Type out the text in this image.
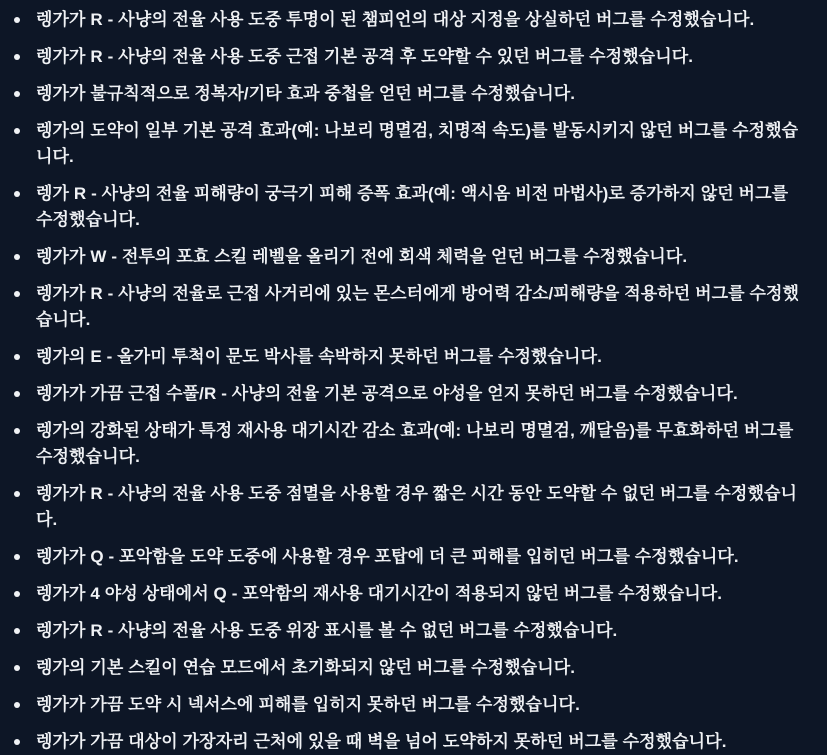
렝가가 R - 사냥의 전율 사용 도중 투명이 된 챔피언의 대상 지정을 상실하던 버그를 수정했습니다.
렝가가 R - 사냥의 전율 사용 도중 근접 기본 공격 후 도약할 수 있던 버그를 수정했습니다.
렝가가 불규칙적으로 정복자/기타 효과 중첩을 얻던 버그를 수정했습니다.
렝가의 도약이 일부 기본 공격 효과(예: 나보리 명멸검, 치명적 속도)를 발동시키지 않던 버그를 수정했습니다.
렝가 R - 사냥의 전율 피해량이 궁극기 피해 증폭 효과(예: 액시옴 비전 마법사)로 증가하지 않던 버그를 수정했습니다.
렝가가 W - 전투의 포효 스킬 레벨을 올리기 전에 회색 체력을 얻던 버그를 수정했습니다.
렝가가 R - 사냥의 전율로 근접 사거리에 있는 몬스터에게 방어력 감소/피해량을 적용하던 버그를 수정했습니다.
렝가의 E - 올가미 투척이 문도 박사를 속박하지 못하던 버그를 수정했습니다.
렝가가 가끔 근접 수풀/R - 사냥의 전율 기본 공격으로 야성을 얻지 못하던 버그를 수정했습니다.
렝가의 강화된 상태가 특정 재사용 대기시간 감소 효과(예: 나보리 명멸검, 깨달음)를 무효화하던 버그를 수정했습니다.
렝가가 R - 사냥의 전율 사용 도중 점멸을 사용할 경우 짧은 시간 동안 도약할 수 없던 버그를 수정했습니다.
렝가가 Q - 포악함을 도약 도중에 사용할 경우 포탑에 더 큰 피해를 입히던 버그를 수정했습니다.
렝가가 4 야성 상태에서 Q - 포악함의 재사용 대기시간이 적용되지 않던 버그를 수정했습니다.
렝가가 R - 사냥의 전율 사용 도중 위장 표시를 볼 수 없던 버그를 수정했습니다.
렝가의 기본 스킬이 연습 모드에서 초기화되지 않던 버그를 수정했습니다.
렝가가 가끔 도약 시 넥서스에 피해를 입히지 못하던 버그를 수정했습니다.
렝가가 가끔 대상이 가장자리 근처에 있을 때 벽을 넘어 도약하지 못하던 버그를 수정했습니다.
